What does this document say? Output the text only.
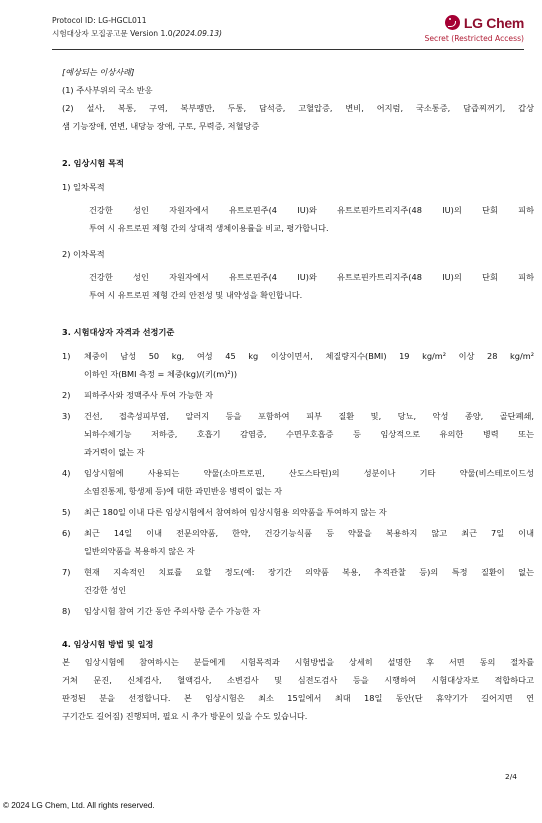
Protocol ID: LG-HGCL011
시험대상자 모집공고문 Version 1.0(2024.09.13)
LG Chem
Secret (Restricted Access)

[예상되는 이상사례]

(1) 주사부위의 국소 반응

(2) 설사, 복통, 구역, 복부팽만, 두통, 담석증, 고혈압증, 변비, 어지럼, 국소통증, 담즙찌꺼기, 갑상

샘 기능장애, 연변, 내당능 장애, 구토, 무력증, 저혈당증

2. 임상시험 목적

1) 일차목적

건강한 성인 자원자에서 유트로핀주(4 IU)와 유트로핀카트리지주(48 IU)의 단회 피하

투여 시 유트로핀 제형 간의 상대적 생체이용률을 비교, 평가합니다.

2) 이차목적

건강한 성인 자원자에서 유트로핀주(4 IU)와 유트로핀카트리지주(48 IU)의 단회 피하

투여 시 유트로핀 제형 간의 안전성 및 내약성을 확인합니다.

3. 시험대상자 자격과 선정기준

1) 체중이 남성 50 kg, 여성 45 kg 이상이면서, 체질량지수(BMI) 19 kg/m² 이상 28 kg/m²

이하인 자(BMI 측정 = 체중(kg)/(키(m)²))

2) 피하주사와 정맥주사 투여 가능한 자

3) 건선, 접촉성피부염, 알러지 등을 포함하여 피부 질환 및, 당뇨, 악성 종양, 골단폐쇄,

뇌하수체기능 저하증, 호흡기 감염증, 수면무호흡증 등 임상적으로 유의한 병력 또는

과거력이 없는 자

4) 임상시험에 사용되는 약물(소마트로핀, 산도스타틴)의 성분이나 기타 약물(비스테로이드성

소염진통제, 항생제 등)에 대한 과민반응 병력이 없는 자

5) 최근 180일 이내 다른 임상시험에서 참여하여 임상시험용 의약품을 투여하지 않는 자

6) 최근 14일 이내 전문의약품, 한약, 건강기능식품 등 약물을 복용하지 않고 최근 7일 이내

일반의약품을 복용하지 않은 자

7) 현재 지속적인 치료를 요할 정도(예: 장기간 의약품 복용, 추적관찰 등)의 특정 질환이 없는

건강한 성인

8) 임상시험 참여 기간 동안 주의사항 준수 가능한 자

4. 임상시험 방법 및 일정

본 임상시험에 참여하시는 분들에게 시험목적과 시험방법을 상세히 설명한 후 서면 동의 절차를

거쳐 문진, 신체검사, 혈액검사, 소변검사 및 심전도검사 등을 시행하여 시험대상자로 적합하다고

판정된 분을 선정합니다. 본 임상시험은 최소 15일에서 최대 18일 동안(단 휴약기가 길어지면 연

구기간도 길어짐) 진행되며, 필요 시 추가 방문이 있을 수도 있습니다.

2/4
© 2024 LG Chem, Ltd. All rights reserved.
